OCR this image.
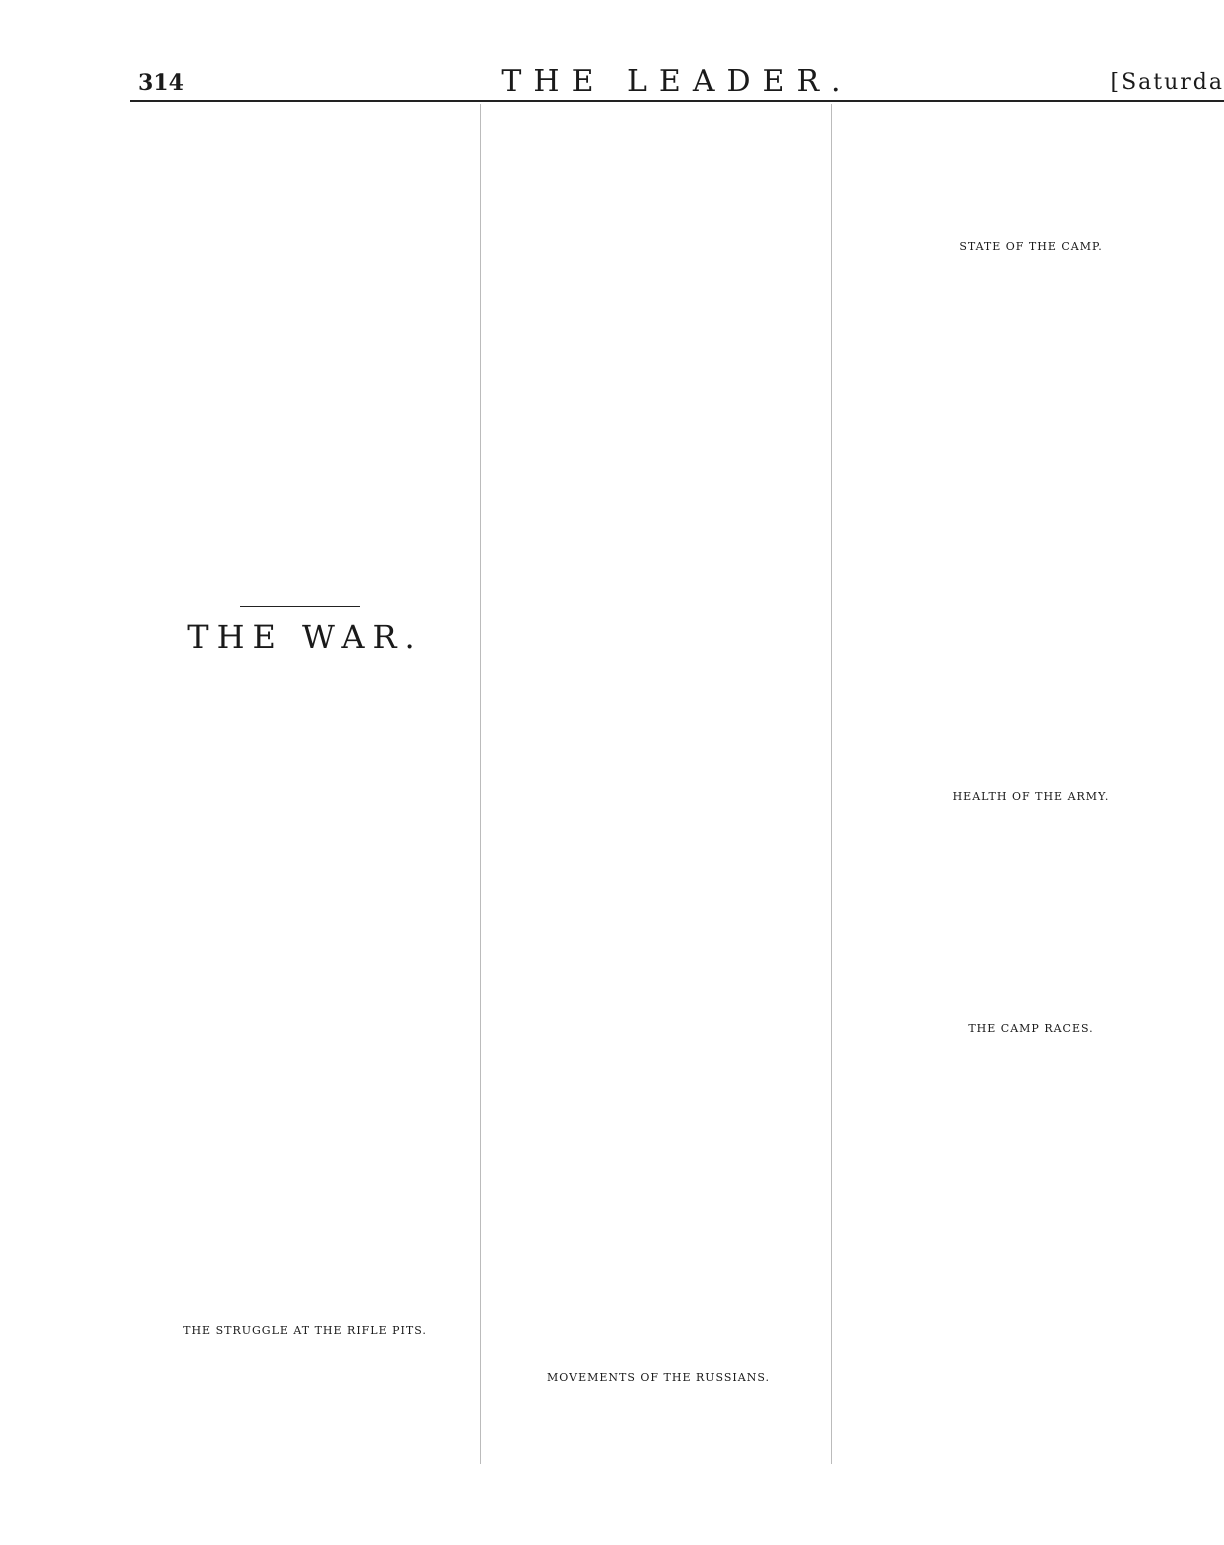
314	THE LEADER.	[Saturda
THE WAR.
THE STRUGGLE AT THE RIFLE PITS.
MOVEMENTS OF THE RUSSIANS.
STATE OF THE CAMP.
HEALTH OF THE ARMY.
THE CAMP RACES.
